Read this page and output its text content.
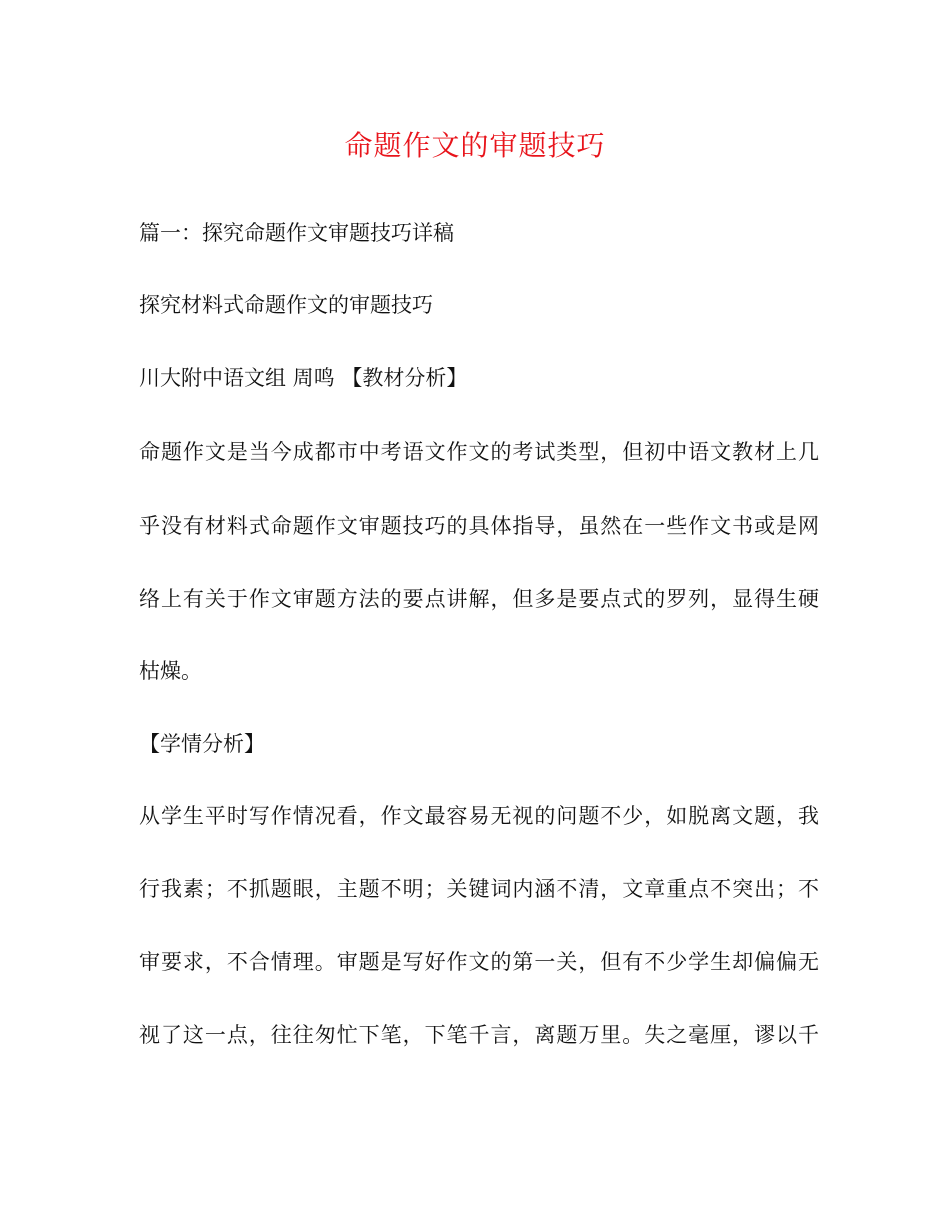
命题作文的审题技巧
篇一：探究命题作文审题技巧详稿
探究材料式命题作文的审题技巧
川大附中语文组 周鸣 【教材分析】
命题作文是当今成都市中考语文作文的考试类型，但初中语文教材上几
乎没有材料式命题作文审题技巧的具体指导，虽然在一些作文书或是网
络上有关于作文审题方法的要点讲解，但多是要点式的罗列，显得生硬
枯燥。
【学情分析】
从学生平时写作情况看，作文最容易无视的问题不少，如脱离文题，我
行我素；不抓题眼，主题不明；关键词内涵不清，文章重点不突出；不
审要求，不合情理。审题是写好作文的第一关，但有不少学生却偏偏无
视了这一点，往往匆忙下笔，下笔千言，离题万里。失之毫厘，谬以千
